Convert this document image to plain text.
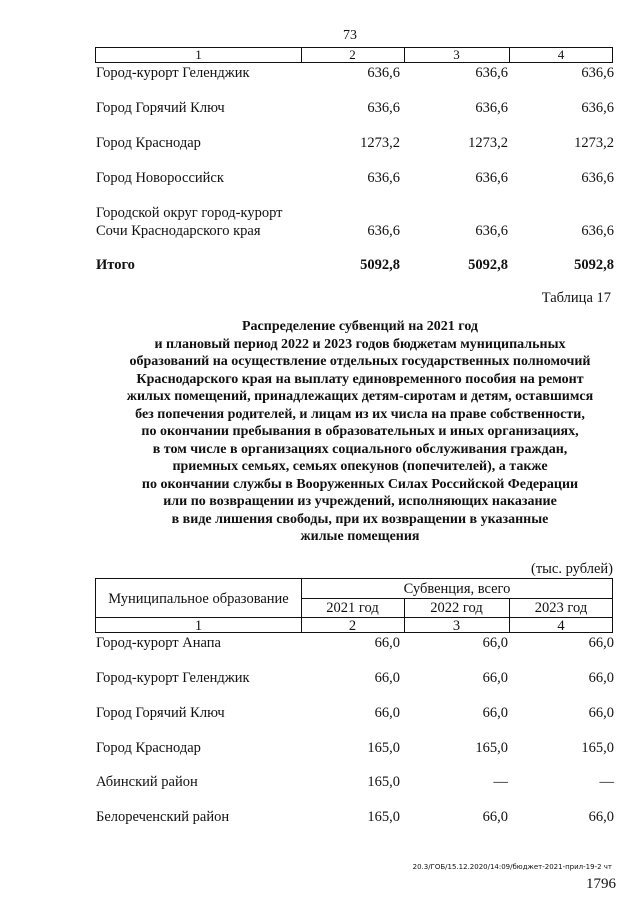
73
1	2	3	4
Город-курорт Геленджик	636,6	636,6	636,6
Город Горячий Ключ	636,6	636,6	636,6
Город Краснодар	1273,2	1273,2	1273,2
Город Новороссийск	636,6	636,6	636,6
Городской округ город-курорт
Сочи Краснодарского края	636,6	636,6	636,6
Итого	5092,8	5092,8	5092,8
Таблица 17
Распределение субвенций на 2021 год
и плановый период 2022 и 2023 годов бюджетам муниципальных
образований на осуществление отдельных государственных полномочий
Краснодарского края на выплату единовременного пособия на ремонт
жилых помещений, принадлежащих детям-сиротам и детям, оставшимся
без попечения родителей, и лицам из их числа на праве собственности,
по окончании пребывания в образовательных и иных организациях,
в том числе в организациях социального обслуживания граждан,
приемных семьях, семьях опекунов (попечителей), а также
по окончании службы в Вооруженных Силах Российской Федерации
или по возвращении из учреждений, исполняющих наказание
в виде лишения свободы, при их возвращении в указанные
жилые помещения
(тыс. рублей)
Муниципальное образование
Субвенция, всего
2021 год	2022 год	2023 год
1	2	3	4
Город-курорт Анапа	66,0	66,0	66,0
Город-курорт Геленджик	66,0	66,0	66,0
Город Горячий Ключ	66,0	66,0	66,0
Город Краснодар	165,0	165,0	165,0
Абинский район	165,0	—	—
Белореченский район	165,0	66,0	66,0
20.3/ГОБ/15.12.2020/14:09/бюджет-2021-прил-19-2 чт
1796
